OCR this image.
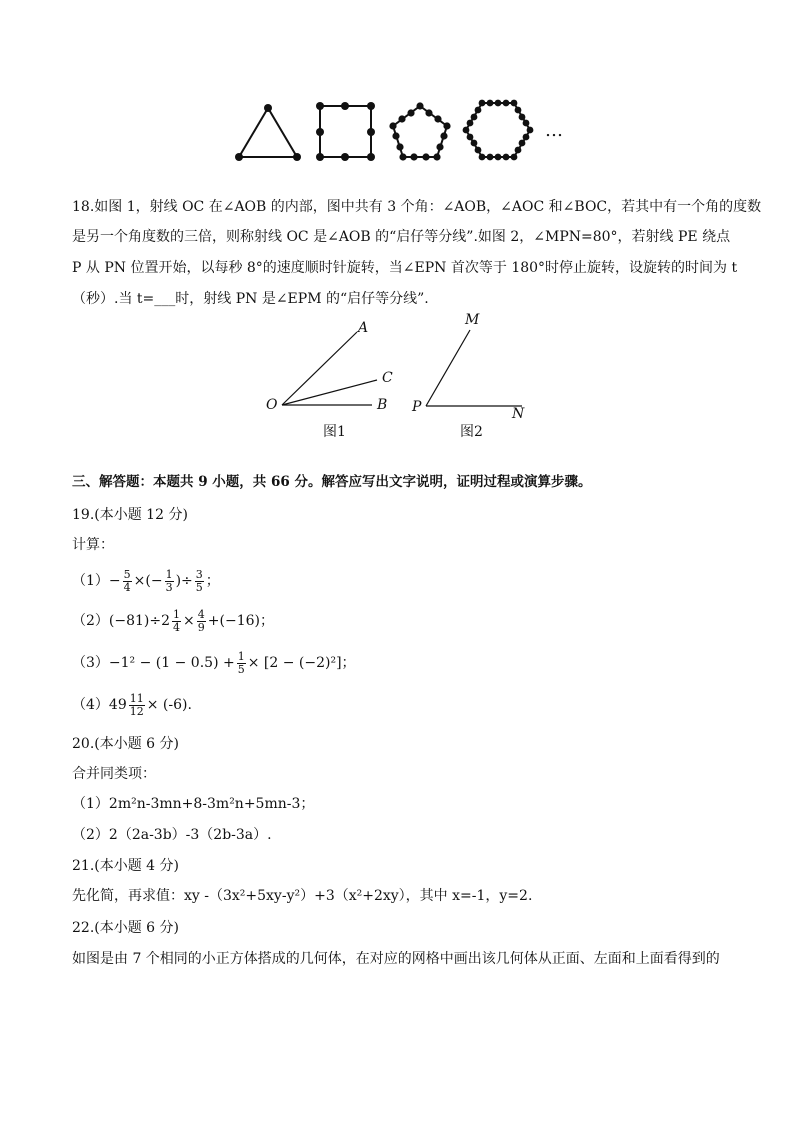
…
18.如图 1，射线 OC 在∠AOB 的内部，图中共有 3 个角：∠AOB，∠AOC 和∠BOC，若其中有一个角的度数
是另一个角度数的三倍，则称射线 OC 是∠AOB 的“启仔等分线”.如图 2，∠MPN=80°，若射线 PE 绕点
P 从 PN 位置开始，以每秒 8°的速度顺时针旋转，当∠EPN 首次等于 180°时停止旋转，设旋转的时间为 t
（秒）.当 t=___时，射线 PN 是∠EPM 的“启仔等分线”.
A
C
O	B
图1
M
P	N
图2
三、解答题：本题共 9 小题，共 66 分。解答应写出文字说明，证明过程或演算步骤。
19.(本小题 12 分)
计算：
$(1)- \frac{5}{4}$ ×(− $\frac{1}{3}$ )÷ $\frac{3}{5}$ ；
$(2)(-81)\div 2 \frac{1}{4} \times \frac{4}{9} +(-16)$；
$(3)-1^2 - (1 - 0.5) + \frac{1}{5} \times [2 - (-2)^2]$；
$(4)49 \frac{11}{12} \times (-6)$.
20.(本小题 6 分)
合并同类项：
（1）2m²n-3mn+8-3m²n+5mn-3；
（2）2（2a-3b）-3（2b-3a）.
21.(本小题 4 分)
先化简，再求值：xy -（3x²+5xy-y²）+3（x²+2xy），其中 x=-1，y=2.
22.(本小题 6 分)
如图是由 7 个相同的小正方体搭成的几何体，在对应的网格中画出该几何体从正面、左面和上面看得到的
